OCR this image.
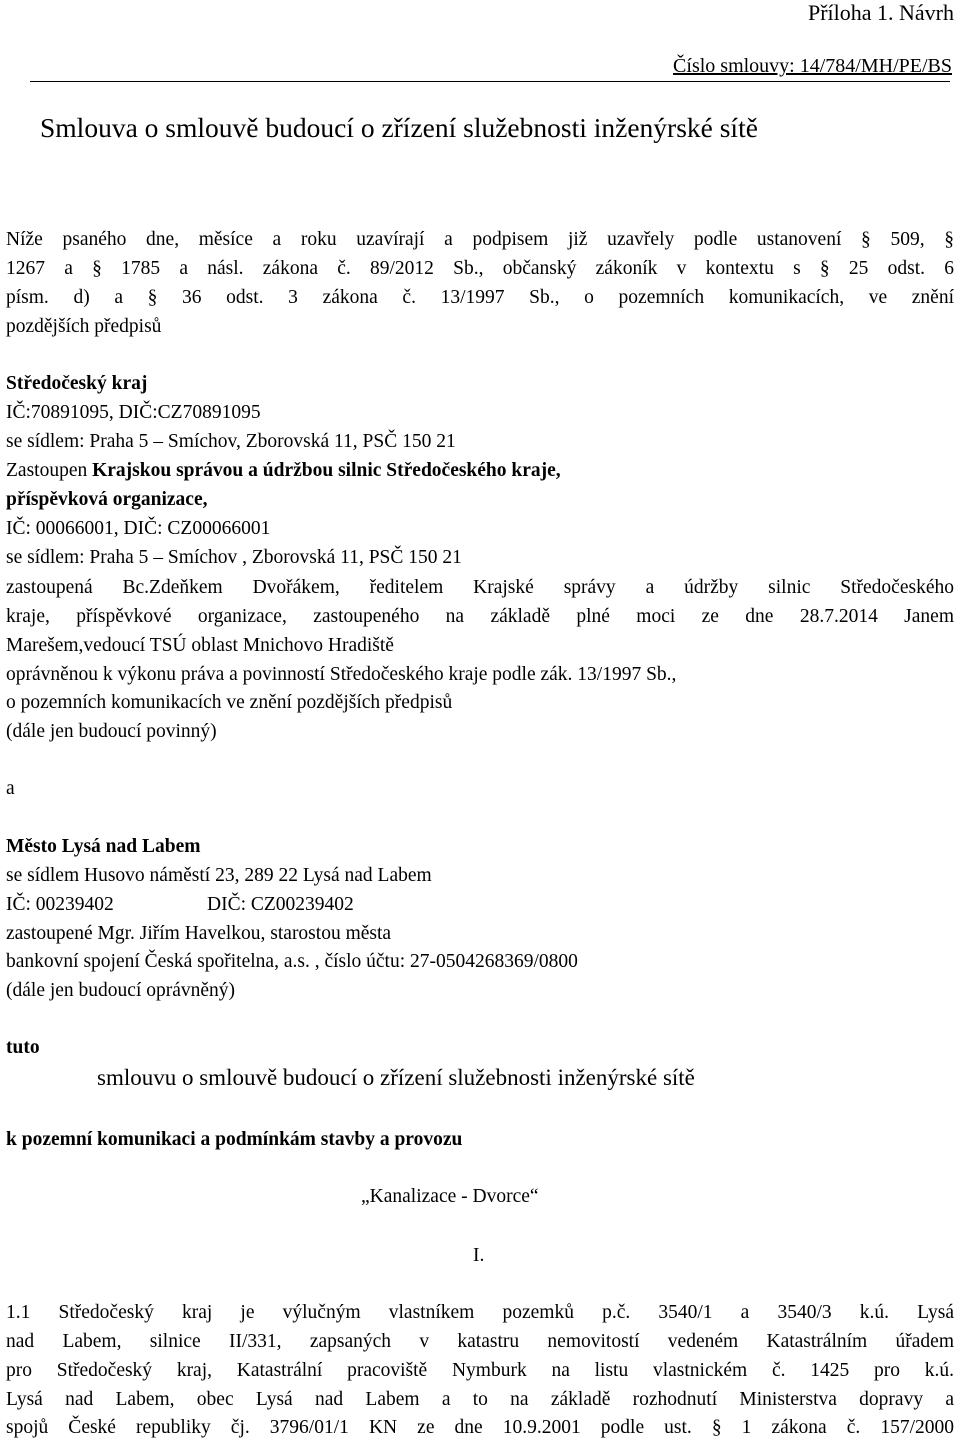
Příloha 1. Návrh
Číslo smlouvy: 14/784/MH/PE/BS
Smlouva o smlouvě budoucí o zřízení služebnosti inženýrské sítě
Níže psaného dne, měsíce a roku uzavírají a podpisem již uzavřely podle ustanovení § 509, §
1267 a § 1785 a násl. zákona č. 89/2012 Sb., občanský zákoník v kontextu s § 25 odst. 6
písm. d) a § 36 odst. 3 zákona č. 13/1997 Sb., o pozemních komunikacích, ve znění
pozdějších předpisů
Středočeský kraj
IČ:70891095, DIČ:CZ70891095
se sídlem: Praha 5 – Smíchov, Zborovská 11, PSČ 150 21
Zastoupen Krajskou správou a údržbou silnic Středočeského kraje,
příspěvková organizace,
IČ: 00066001, DIČ: CZ00066001
se sídlem: Praha 5 – Smíchov , Zborovská 11, PSČ 150 21
zastoupená Bc.Zdeňkem Dvořákem, ředitelem Krajské správy a údržby silnic Středočeského
kraje, příspěvkové organizace, zastoupeného na základě plné moci ze dne 28.7.2014 Janem
Marešem,vedoucí TSÚ oblast Mnichovo Hradiště
oprávněnou k výkonu práva a povinností Středočeského kraje podle zák. 13/1997 Sb.,
o pozemních komunikacích ve znění pozdějších předpisů
(dále jen budoucí povinný)
a
Město Lysá nad Labem
se sídlem Husovo náměstí 23, 289 22 Lysá nad Labem
IČ: 00239402	DIČ: CZ00239402
zastoupené Mgr. Jiřím Havelkou, starostou města
bankovní spojení Česká spořitelna, a.s. , číslo účtu: 27-0504268369/0800
(dále jen budoucí oprávněný)
tuto
smlouvu o smlouvě budoucí o zřízení služebnosti inženýrské sítě
k pozemní komunikaci a podmínkám stavby a provozu
„Kanalizace - Dvorce“
I.
1.1 Středočeský kraj je výlučným vlastníkem pozemků p.č. 3540/1 a 3540/3 k.ú. Lysá
nad Labem, silnice II/331, zapsaných v katastru nemovitostí vedeném Katastrálním úřadem
pro Středočeský kraj, Katastrální pracoviště Nymburk na listu vlastnickém č. 1425 pro k.ú.
Lysá nad Labem, obec Lysá nad Labem a to na základě rozhodnutí Ministerstva dopravy a
spojů České republiky čj. 3796/01/1 KN ze dne 10.9.2001 podle ust. § 1 zákona č. 157/2000
